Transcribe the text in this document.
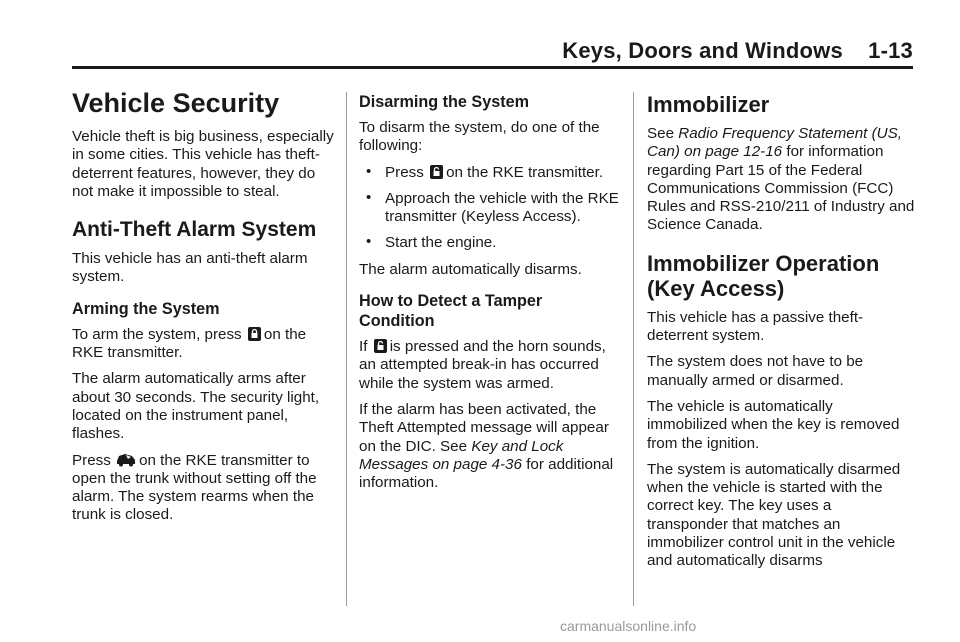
Keys, Doors and Windows 1-13
Vehicle Security

Vehicle theft is big business, especially in some cities. This vehicle has theft-deterrent features, however, they do not make it impossible to steal.

Anti-Theft Alarm System

This vehicle has an anti-theft alarm system.

Arming the System

To arm the system, press on the RKE transmitter.

The alarm automatically arms after about 30 seconds. The security light, located on the instrument panel, flashes.

Press on the RKE transmitter to open the trunk without setting off the alarm. The system rearms when the trunk is closed.

Disarming the System

To disarm the system, do one of the following:

• Press on the RKE transmitter.
• Approach the vehicle with the RKE transmitter (Keyless Access).
• Start the engine.

The alarm automatically disarms.

How to Detect a Tamper Condition

If is pressed and the horn sounds, an attempted break-in has occurred while the system was armed.

If the alarm has been activated, the Theft Attempted message will appear on the DIC. See Key and Lock Messages on page 4-36 for additional information.

Immobilizer

See Radio Frequency Statement (US, Can) on page 12-16 for information regarding Part 15 of the Federal Communications Commission (FCC) Rules and RSS-210/211 of Industry and Science Canada.

Immobilizer Operation (Key Access)

This vehicle has a passive theft-deterrent system.

The system does not have to be manually armed or disarmed.

The vehicle is automatically immobilized when the key is removed from the ignition.

The system is automatically disarmed when the vehicle is started with the correct key. The key uses a transponder that matches an immobilizer control unit in the vehicle and automatically disarms

carmanualsonline.info
